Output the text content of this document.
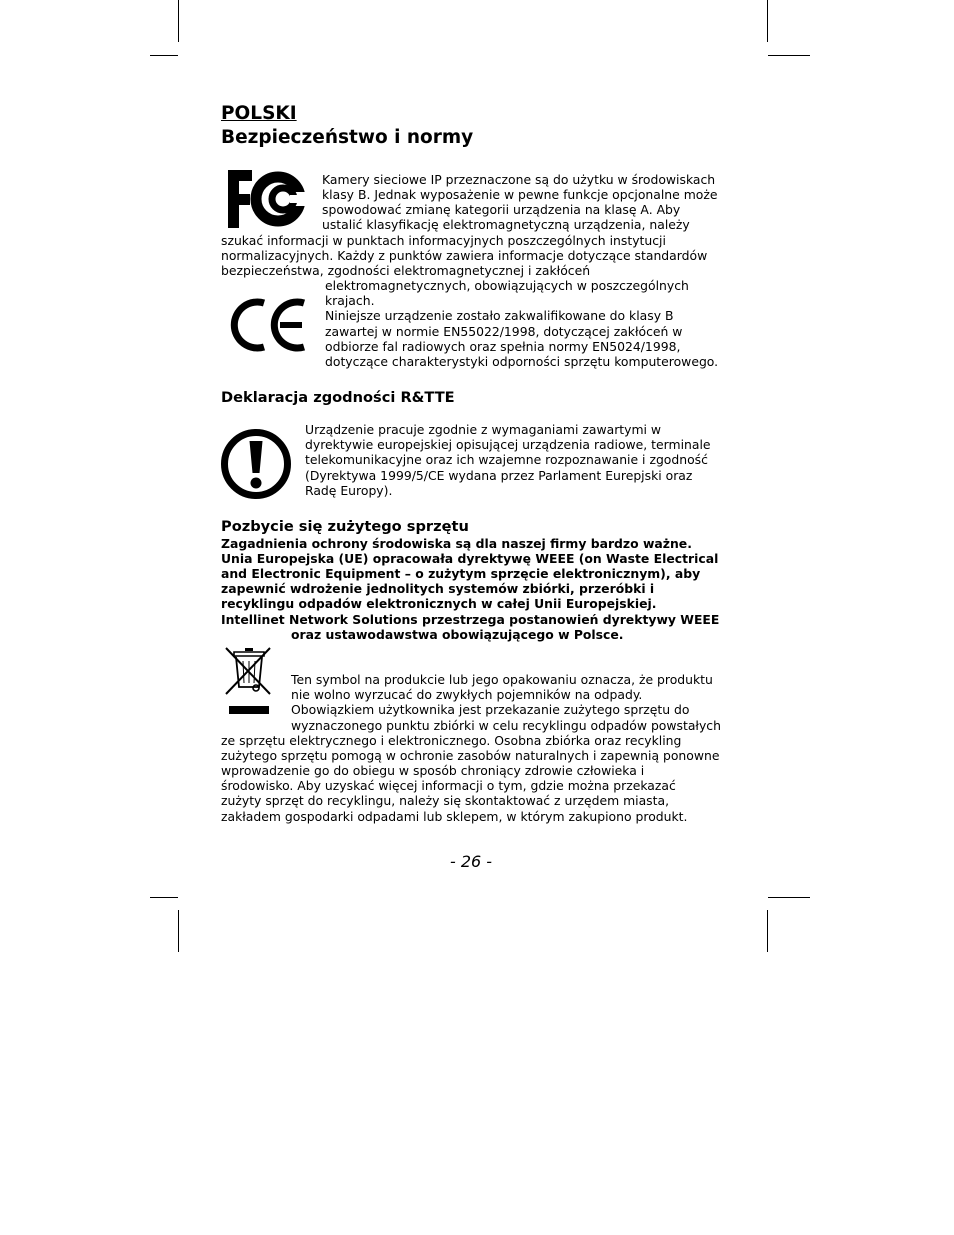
POLSKI
Bezpieczeństwo i normy
Kamery sieciowe IP przeznaczone są do użytku w środowiskach
klasy B. Jednak wyposażenie w pewne funkcje opcjonalne może
spowodować zmianę kategorii urządzenia na klasę A. Aby
ustalić klasyfikację elektromagnetyczną urządzenia, należy
szukać informacji w punktach informacyjnych poszczególnych instytucji
normalizacyjnych. Każdy z punktów zawiera informacje dotyczące standardów
bezpieczeństwa, zgodności elektromagnetycznej i zakłóceń
elektromagnetycznych, obowiązujących w poszczególnych
krajach.
Niniejsze urządzenie zostało zakwalifikowane do klasy B
zawartej w normie EN55022/1998, dotyczącej zakłóceń w
odbiorze fal radiowych oraz spełnia normy EN5024/1998,
dotyczące charakterystyki odporności sprzętu komputerowego.
Deklaracja zgodności R&TTE
Urządzenie pracuje zgodnie z wymaganiami zawartymi w
dyrektywie europejskiej opisującej urządzenia radiowe, terminale
telekomunikacyjne oraz ich wzajemne rozpoznawanie i zgodność
(Dyrektywa 1999/5/CE wydana przez Parlament Eurepjski oraz
Radę Europy).
Pozbycie się zużytego sprzętu
Zagadnienia ochrony środowiska są dla naszej firmy bardzo ważne.
Unia Europejska (UE) opracowała dyrektywę WEEE (on Waste Electrical
and Electronic Equipment – o zużytym sprzęcie elektronicznym), aby
zapewnić wdrożenie jednolitych systemów zbiórki, przeróbki i
recyklingu odpadów elektronicznych w całej Unii Europejskiej.
Intellinet Network Solutions przestrzega postanowień dyrektywy WEEE
oraz ustawodawstwa obowiązującego w Polsce.
Ten symbol na produkcie lub jego opakowaniu oznacza, że produktu
nie wolno wyrzucać do zwykłych pojemników na odpady.
Obowiązkiem użytkownika jest przekazanie zużytego sprzętu do
wyznaczonego punktu zbiórki w celu recyklingu odpadów powstałych
ze sprzętu elektrycznego i elektronicznego. Osobna zbiórka oraz recykling
zużytego sprzętu pomogą w ochronie zasobów naturalnych i zapewnią ponowne
wprowadzenie go do obiegu w sposób chroniący zdrowie człowieka i
środowisko. Aby uzyskać więcej informacji o tym, gdzie można przekazać
zużyty sprzęt do recyklingu, należy się skontaktować z urzędem miasta,
zakładem gospodarki odpadami lub sklepem, w którym zakupiono produkt.
- 26 -
